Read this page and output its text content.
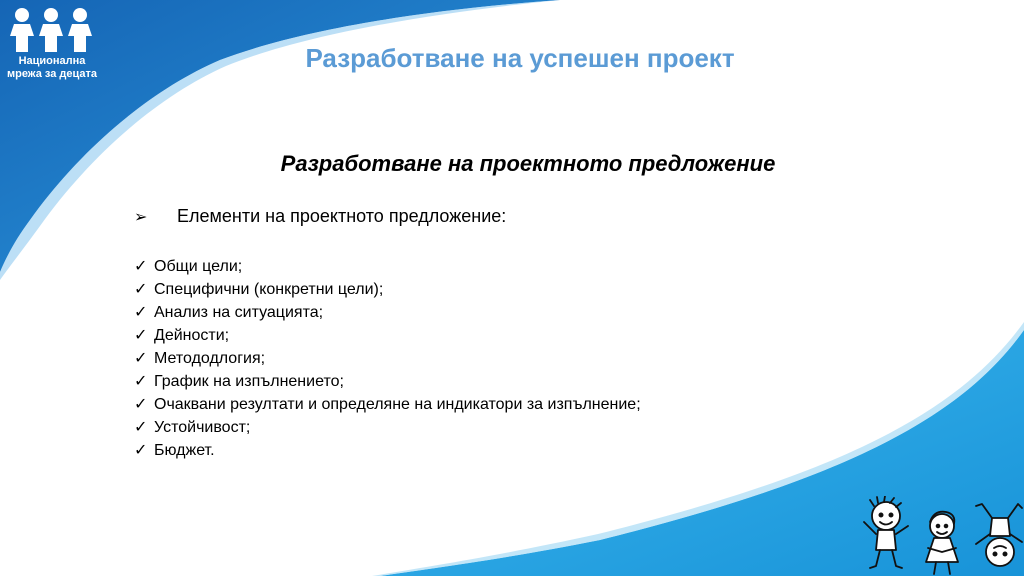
Национална
мрежа за децата
Разработване на успешен проект
Разработване на проектното предложение
➢ Елементи на проектното предложение:
✓ Общи цели;
✓ Специфични (конкретни цели);
✓ Анализ на ситуацията;
✓ Дейности;
✓ Метододлогия;
✓ График на изпълнението;
✓ Очаквани резултати и определяне на индикатори за изпълнение;
✓ Устойчивост;
✓ Бюджет.
